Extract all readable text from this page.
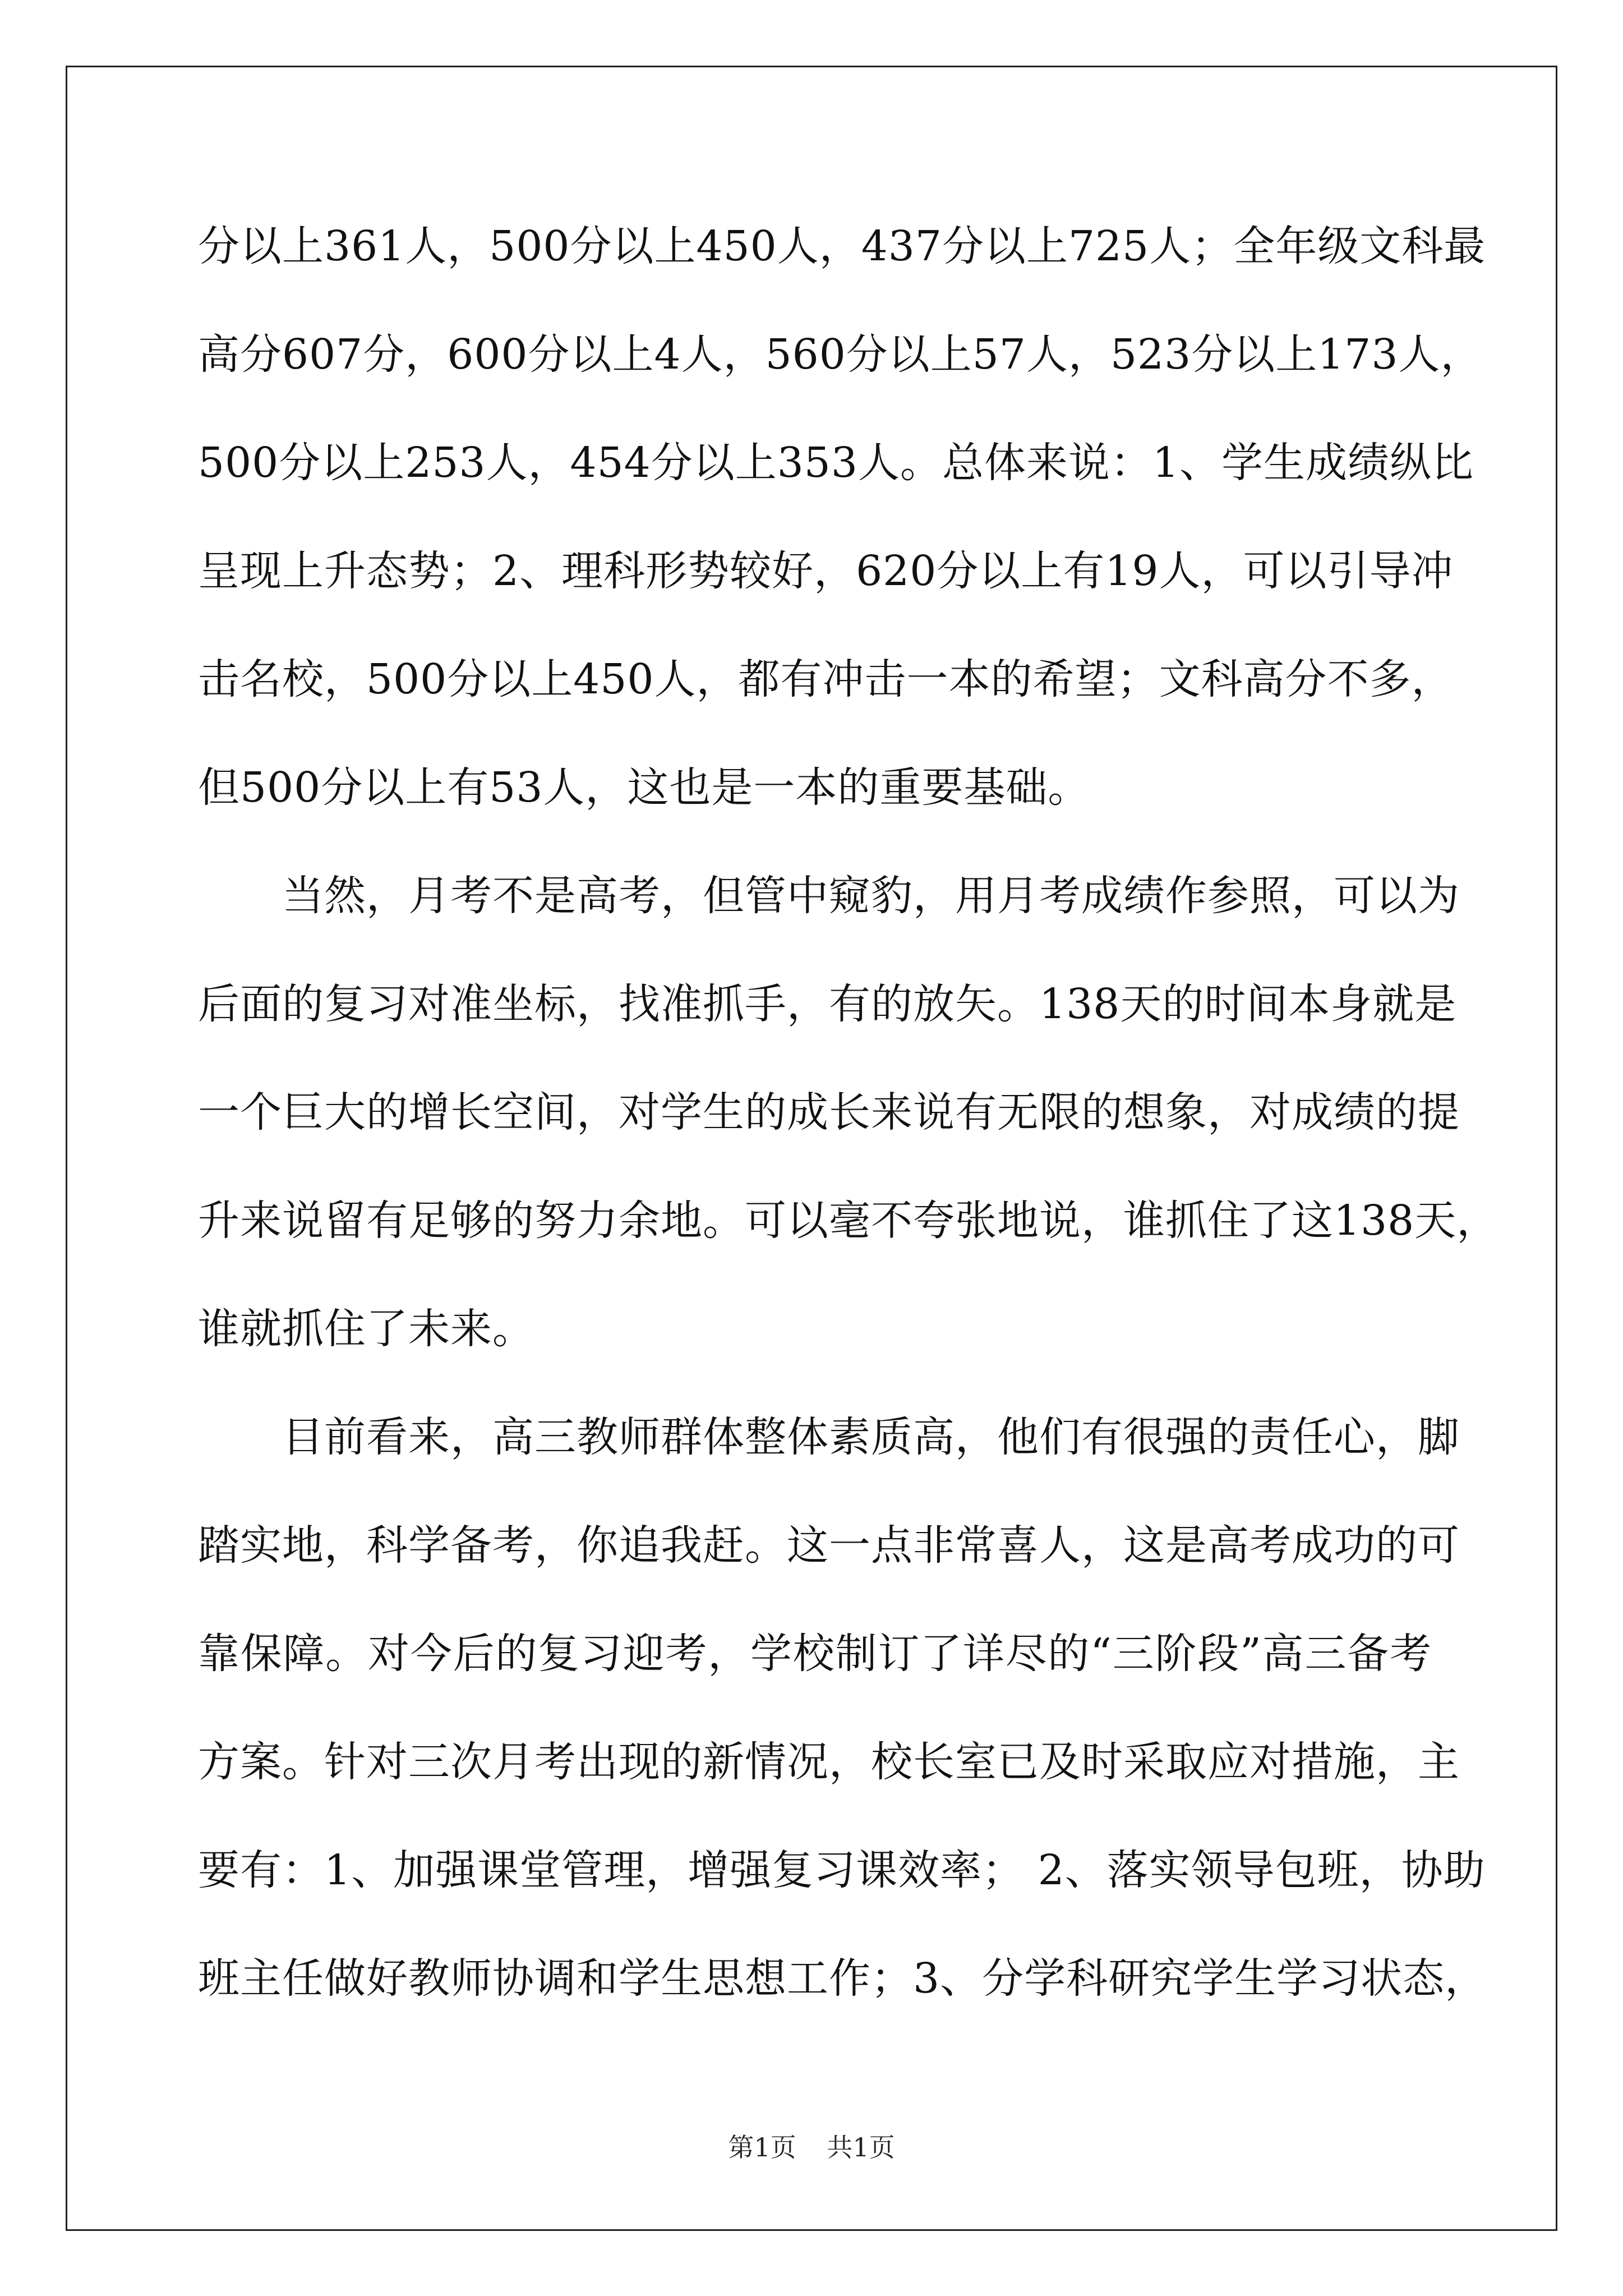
分以上361人，500分以上450人，437分以上725人；全年级文科最
高分607分，600分以上4人，560分以上57人，523分以上173人，
500分以上253人，454分以上353人。总体来说：1、学生成绩纵比
呈现上升态势；2、理科形势较好，620分以上有19人，可以引导冲
击名校，500分以上450人，都有冲击一本的希望；文科高分不多，
但500分以上有53人，这也是一本的重要基础。
当然，月考不是高考，但管中窥豹，用月考成绩作参照，可以为
后面的复习对准坐标，找准抓手，有的放矢。138天的时间本身就是
一个巨大的增长空间，对学生的成长来说有无限的想象，对成绩的提
升来说留有足够的努力余地。可以毫不夸张地说，谁抓住了这138天，
谁就抓住了未来。
目前看来，高三教师群体整体素质高，他们有很强的责任心，脚
踏实地，科学备考，你追我赶。这一点非常喜人，这是高考成功的可
靠保障。对今后的复习迎考，学校制订了详尽的“三阶段”高三备考
方案。针对三次月考出现的新情况，校长室已及时采取应对措施，主
要有：1、加强课堂管理，增强复习课效率； 2、落实领导包班，协助
班主任做好教师协调和学生思想工作；3、分学科研究学生学习状态，
第1页 共1页
